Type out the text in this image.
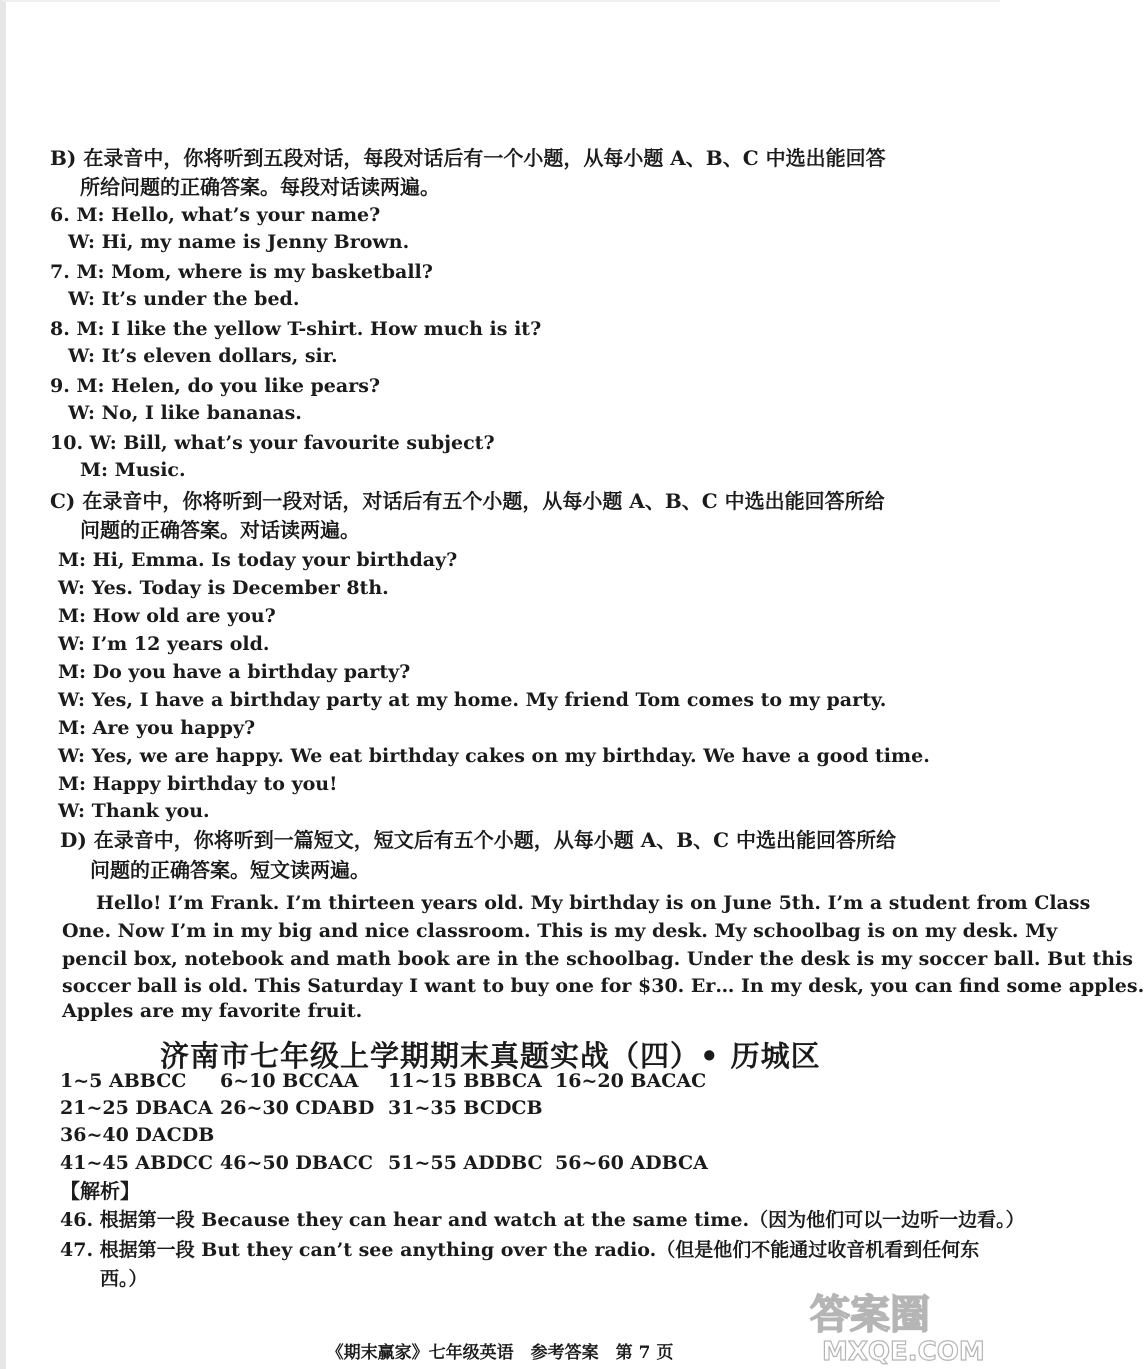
B) 在录音中，你将听到五段对话，每段对话后有一个小题，从每小题 A、B、C 中选出能回答
所给问题的正确答案。每段对话读两遍。
6. M: Hello, what’s your name?
W: Hi, my name is Jenny Brown.
7. M: Mom, where is my basketball?
W: It’s under the bed.
8. M: I like the yellow T-shirt. How much is it?
W: It’s eleven dollars, sir.
9. M: Helen, do you like pears?
W: No, I like bananas.
10. W: Bill, what’s your favourite subject?
M: Music.
C) 在录音中，你将听到一段对话，对话后有五个小题，从每小题 A、B、C 中选出能回答所给
问题的正确答案。对话读两遍。
M: Hi, Emma. Is today your birthday?
W: Yes. Today is December 8th.
M: How old are you?
W: I’m 12 years old.
M: Do you have a birthday party?
W: Yes, I have a birthday party at my home. My friend Tom comes to my party.
M: Are you happy?
W: Yes, we are happy. We eat birthday cakes on my birthday. We have a good time.
M: Happy birthday to you!
W: Thank you.
D) 在录音中，你将听到一篇短文，短文后有五个小题，从每小题 A、B、C 中选出能回答所给
问题的正确答案。短文读两遍。
Hello! I’m Frank. I’m thirteen years old. My birthday is on June 5th. I’m a student from Class
One. Now I’m in my big and nice classroom. This is my desk. My schoolbag is on my desk. My
pencil box, notebook and math book are in the schoolbag. Under the desk is my soccer ball. But this
soccer ball is old. This Saturday I want to buy one for $30. Er… In my desk, you can find some apples.
Apples are my favorite fruit.
济南市七年级上学期期末真题实战（四）• 历城区
1~5 ABBCC 6~10 BCCAA 11~15 BBBCA 16~20 BACAC
21~25 DBACA 26~30 CDABD 31~35 BCDCB
36~40 DACDB
41~45 ABDCC 46~50 DBACC 51~55 ADDBC 56~60 ADBCA
【解析】
46. 根据第一段 Because they can hear and watch at the same time.（因为他们可以一边听一边看。）
47. 根据第一段 But they can’t see anything over the radio.（但是他们不能通过收音机看到任何东
西。）
《期末赢家》七年级英语　参考答案　第 7 页
答案圈
MXQE.COM
